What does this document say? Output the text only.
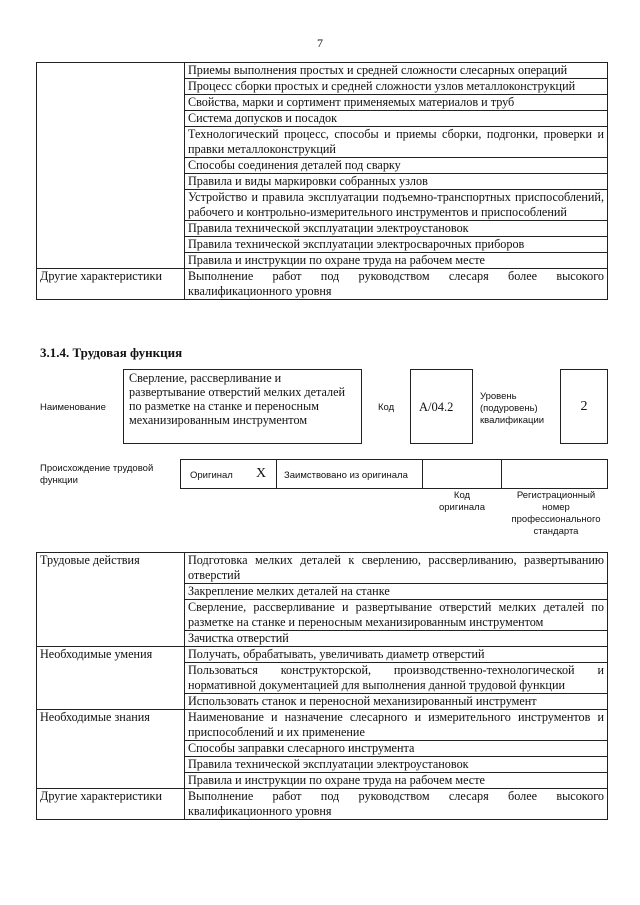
7
	Приемы выполнения простых и средней сложности слесарных операций
	Процесс сборки простых и средней сложности узлов металлоконструкций
	Свойства, марки и сортимент применяемых материалов и труб
	Система допусков и посадок
	Технологический процесс, способы и приемы сборки, подгонки, проверки и правки металлоконструкций
	Способы соединения деталей под сварку
	Правила и виды маркировки собранных узлов
	Устройство и правила эксплуатации подъемно-транспортных приспособлений, рабочего и контрольно-измерительного инструментов и приспособлений
	Правила технической эксплуатации электроустановок
	Правила технической эксплуатации электросварочных приборов
	Правила и инструкции по охране труда на рабочем месте
Другие характеристики	Выполнение работ под руководством слесаря более высокого квалификационного уровня
3.1.4. Трудовая функция
Наименование
Сверление, рассверливание и развертывание отверстий мелких деталей по разметке на станке и переносным механизированным инструментом
Код	А/04.2
Уровень (подуровень) квалификации
2
Происхождение трудовой функции	Оригинал X Заимствовано из оригинала
Код оригинала
Регистрационный номер профессионального стандарта
Трудовые действия	Подготовка мелких деталей к сверлению, рассверливанию, развертыванию отверстий
	Закрепление мелких деталей на станке
	Сверление, рассверливание и развертывание отверстий мелких деталей по разметке на станке и переносным механизированным инструментом
	Зачистка отверстий
Необходимые умения	Получать, обрабатывать, увеличивать диаметр отверстий
	Пользоваться конструкторской, производственно-технологической и нормативной документацией для выполнения данной трудовой функции
	Использовать станок и переносной механизированный инструмент
Необходимые знания	Наименование и назначение слесарного и измерительного инструментов и приспособлений и их применение
	Способы заправки слесарного инструмента
	Правила технической эксплуатации электроустановок
	Правила и инструкции по охране труда на рабочем месте
Другие характеристики	Выполнение работ под руководством слесаря более высокого квалификационного уровня
